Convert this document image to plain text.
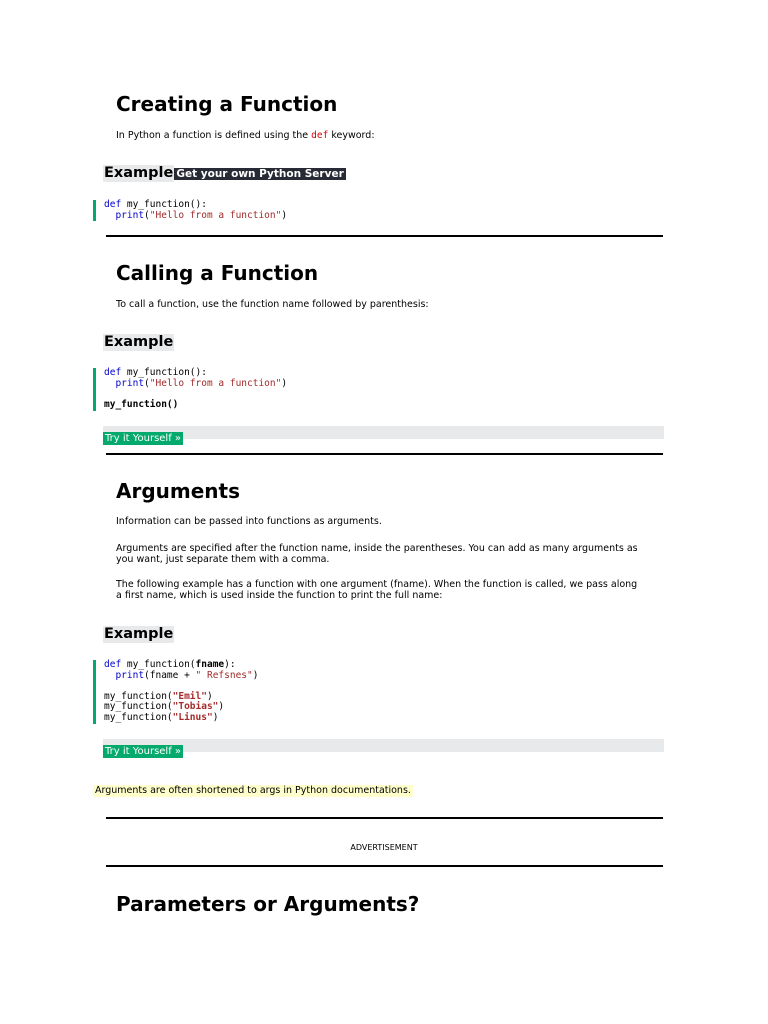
Creating a Function

In Python a function is defined using the def keyword:

Example Get your own Python Server
def my_function():
print("Hello from a function")
Calling a Function

To call a function, use the function name followed by parenthesis:

Example
def my_function():
print("Hello from a function")

my_function()
Try it Yourself »
Arguments

Information can be passed into functions as arguments.

Arguments are specified after the function name, inside the parentheses. You can add as many arguments as
you want, just separate them with a comma.
The following example has a function with one argument (fname). When the function is called, we pass along
a first name, which is used inside the function to print the full name:
Example
def my_function(fname):
print(fname + " Refsnes")

my_function("Emil")
my_function("Tobias")
my_function("Linus")
Try it Yourself »
Arguments are often shortened to args in Python documentations.
ADVERTISEMENT
Parameters or Arguments?
